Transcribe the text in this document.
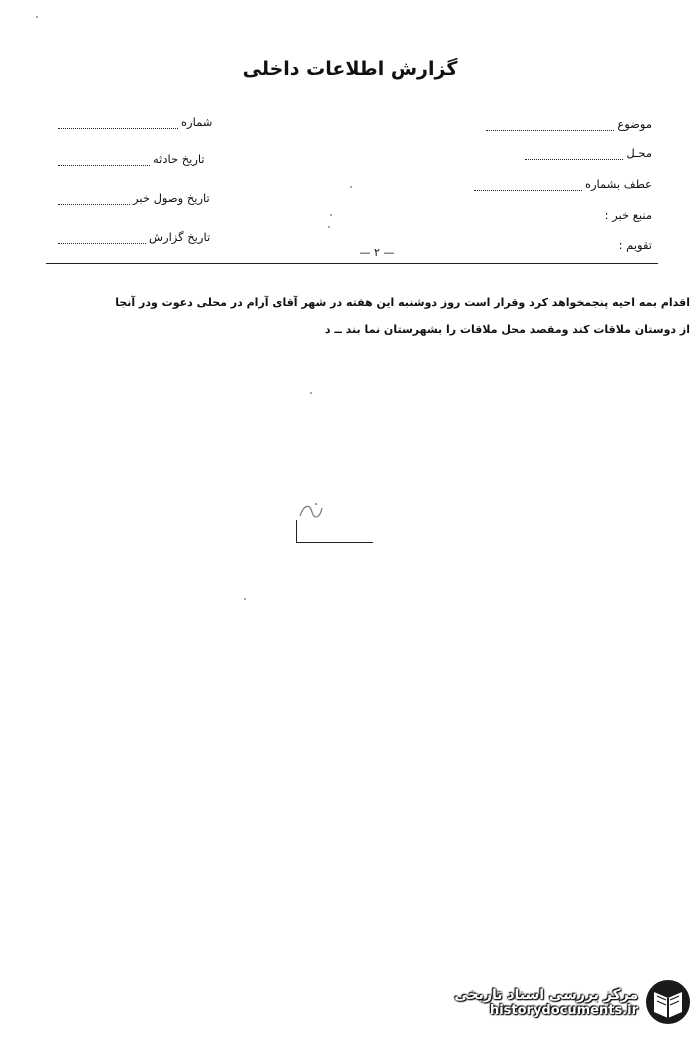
گزارش اطلاعات داخلی
موضوع
محـل
عطف بشماره
منبع خبر :
تقویم :
شماره
تاریخ حادثه
تاریخ وصول خبر
تاریخ گزارش
— ۲ —
اقدام بمه احیه پنجمخواهد کرد وقرار است روز دوشنبه این هفته در شهر آقای آرام در محلی دعوت ودر آنجا
از دوستان ملاقات کند ومقصد محل ملاقات را بشهرستان نما بند ــ د
مرکز بررسی اسناد تاریخی
historydocuments.ir
